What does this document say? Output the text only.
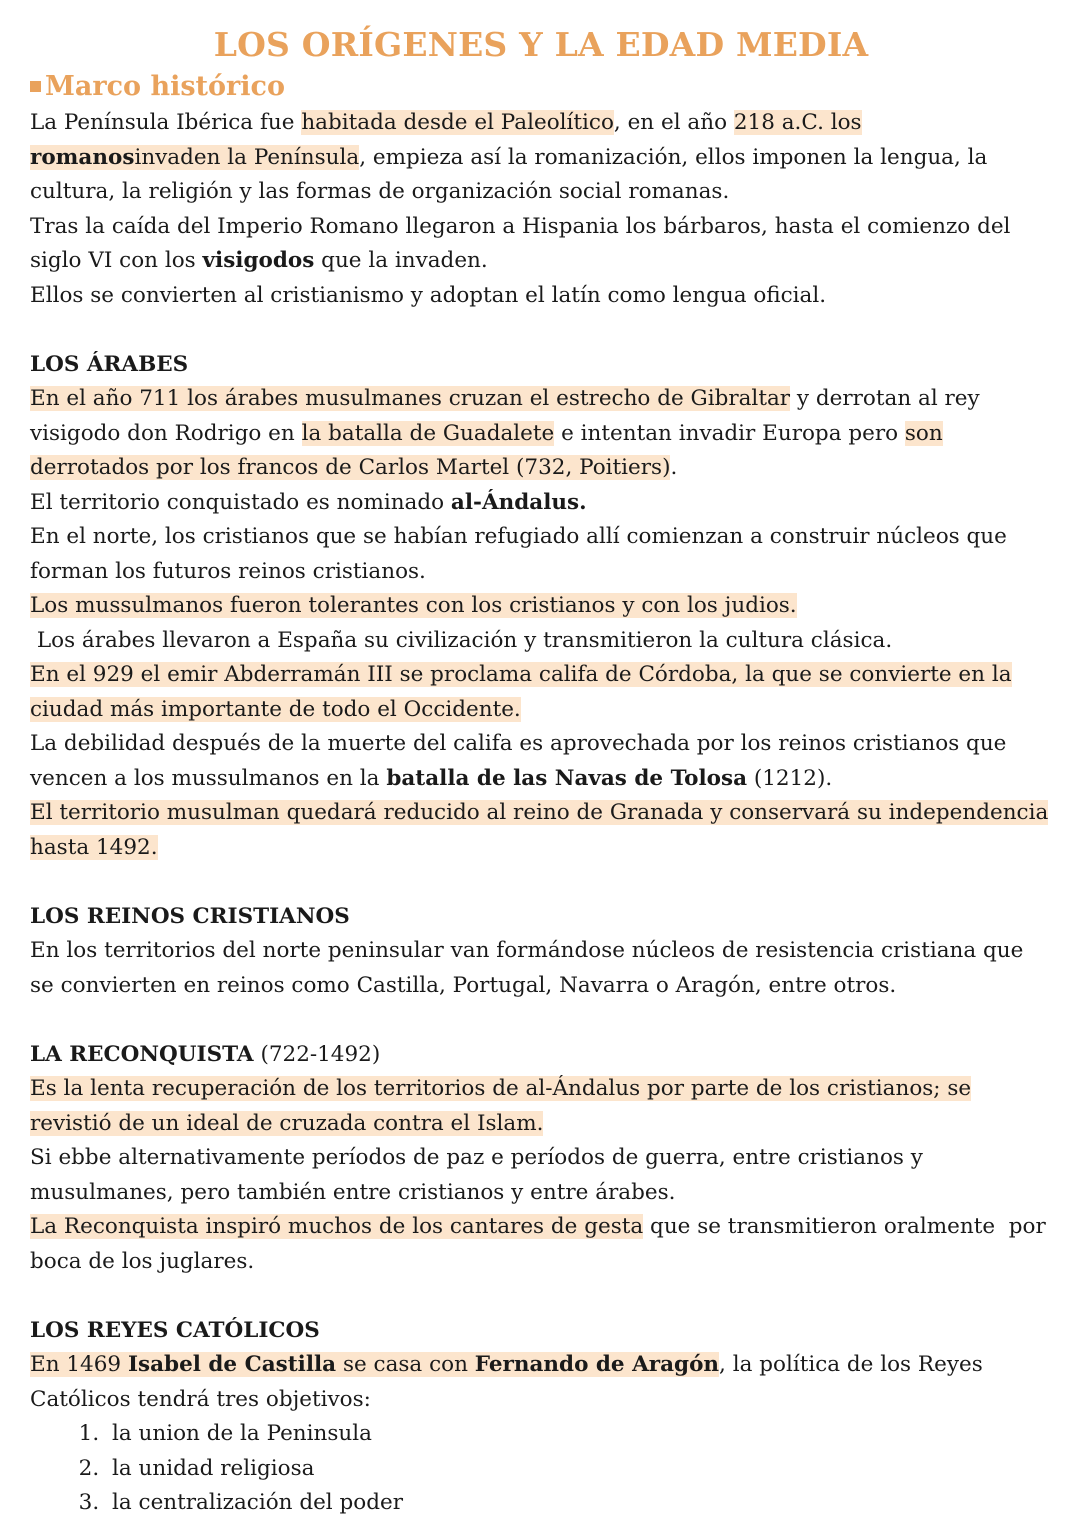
LOS ORÍGENES Y LA EDAD MEDIA
Marco histórico

La Península Ibérica fue habitada desde el Paleolítico, en el año 218 a.C. los romanosinvaden la Península, empieza así la romanización, ellos imponen la lengua, la cultura, la religión y las formas de organización social romanas.

Tras la caída del Imperio Romano llegaron a Hispania los bárbaros, hasta el comienzo del siglo VI con los visigodos que la invaden.

Ellos se convierten al cristianismo y adoptan el latín como lengua oficial.

LOS ÁRABES

En el año 711 los árabes musulmanes cruzan el estrecho de Gibraltar y derrotan al rey visigodo don Rodrigo en la batalla de Guadalete e intentan invadir Europa pero son derrotados por los francos de Carlos Martel (732, Poitiers).

El territorio conquistado es nominado al-Ándalus.

En el norte, los cristianos que se habían refugiado allí comienzan a construir núcleos que forman los futuros reinos cristianos.

Los mussulmanos fueron tolerantes con los cristianos y con los judios.

Los árabes llevaron a España su civilización y transmitieron la cultura clásica.

En el 929 el emir Abderramán III se proclama califa de Córdoba, la que se convierte en la ciudad más importante de todo el Occidente.

La debilidad después de la muerte del califa es aprovechada por los reinos cristianos que vencen a los mussulmanos en la batalla de las Navas de Tolosa (1212).

El territorio musulman quedará reducido al reino de Granada y conservará su independencia hasta 1492.

LOS REINOS CRISTIANOS

En los territorios del norte peninsular van formándose núcleos de resistencia cristiana que se convierten en reinos como Castilla, Portugal, Navarra o Aragón, entre otros.

LA RECONQUISTA (722-1492)

Es la lenta recuperación de los territorios de al-Ándalus por parte de los cristianos; se revistió de un ideal de cruzada contra el Islam.

Si ebbe alternativamente períodos de paz e períodos de guerra, entre cristianos y musulmanes, pero también entre cristianos y entre árabes.

La Reconquista inspiró muchos de los cantares de gesta que se transmitieron oralmente  por boca de los juglares.

LOS REYES CATÓLICOS

En 1469 Isabel de Castilla se casa con Fernando de Aragón, la política de los Reyes Católicos tendrá tres objetivos:

1. la union de la Peninsula
2. la unidad religiosa
3. la centralización del poder
